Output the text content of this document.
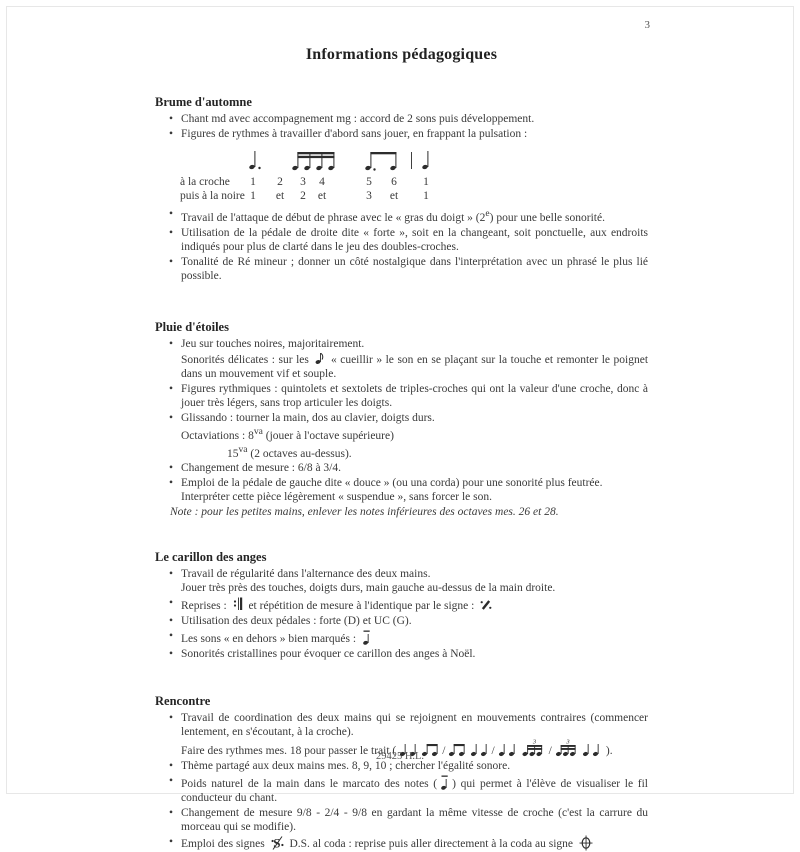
3
Informations pédagogiques
Brume d'automne
• Chant md avec accompagnement mg : accord de 2 sons puis développement.
• Figures de rythmes à travailler d'abord sans jouer, en frappant la pulsation :
à la croche 1 2 3 4	5 6 1
puis à la noire 1 et 2 et	3 et 1
• Travail de l'attaque de début de phrase avec le « gras du doigt » (2e) pour une belle sonorité.
• Utilisation de la pédale de droite dite « forte », soit en la changeant, soit ponctuelle, aux endroits indiqués pour plus de clarté dans le jeu des doubles-croches.
• Tonalité de Ré mineur ; donner un côté nostalgique dans l'interprétation avec un phrasé le plus lié possible.
Pluie d'étoiles
• Jeu sur touches noires, majoritairement.
Sonorités délicates : sur les « cueillir » le son en se plaçant sur la touche et remonter le poignet dans un mouvement vif et souple.
• Figures rythmiques : quintolets et sextolets de triples-croches qui ont la valeur d'une croche, donc à jouer très légers, sans trop articuler les doigts.
• Glissando : tourner la main, dos au clavier, doigts durs.
Octaviations : $8^{va}$ (jouer à l'octave supérieure)
$15^{va}$ (2 octaves au-dessus).
• Changement de mesure : 6/8 à 3/4.
• Emploi de la pédale de gauche dite « douce » (ou una corda) pour une sonorité plus feutrée.
Interpréter cette pièce légèrement « suspendue », sans forcer le son.
Note : pour les petites mains, enlever les notes inférieures des octaves mes. 26 et 28.
Le carillon des anges
• Travail de régularité dans l'alternance des deux mains.
Jouer très près des touches, doigts durs, main gauche au-dessus de la main droite.
• Reprises : et répétition de mesure à l'identique par le signe :
• Utilisation des deux pédales : forte (D) et UC (G).
• Les sons « en dehors » bien marqués :
• Sonorités cristallines pour évoquer ce carillon des anges à Noël.
Rencontre
• Travail de coordination des deux mains qui se rejoignent en mouvements contraires (commencer lentement, en s'écoutant, à la croche).
Faire des rythmes mes. 18 pour passer le trait (	/	/
3
/
3
).
• Thème partagé aux deux mains mes. 8, 9, 10 ; chercher l'égalité sonore.
• Poids naturel de la main dans le marcato des notes ( ) qui permet à l'élève de visualiser le fil conducteur du chant.
• Changement de mesure 9/8 - 2/4 - 9/8 en gardant la même vitesse de croche (c'est la carrure du morceau qui se modifie).
• Emploi des signes S D.S. al coda : reprise puis aller directement à la coda au signe
29425 H.L.
